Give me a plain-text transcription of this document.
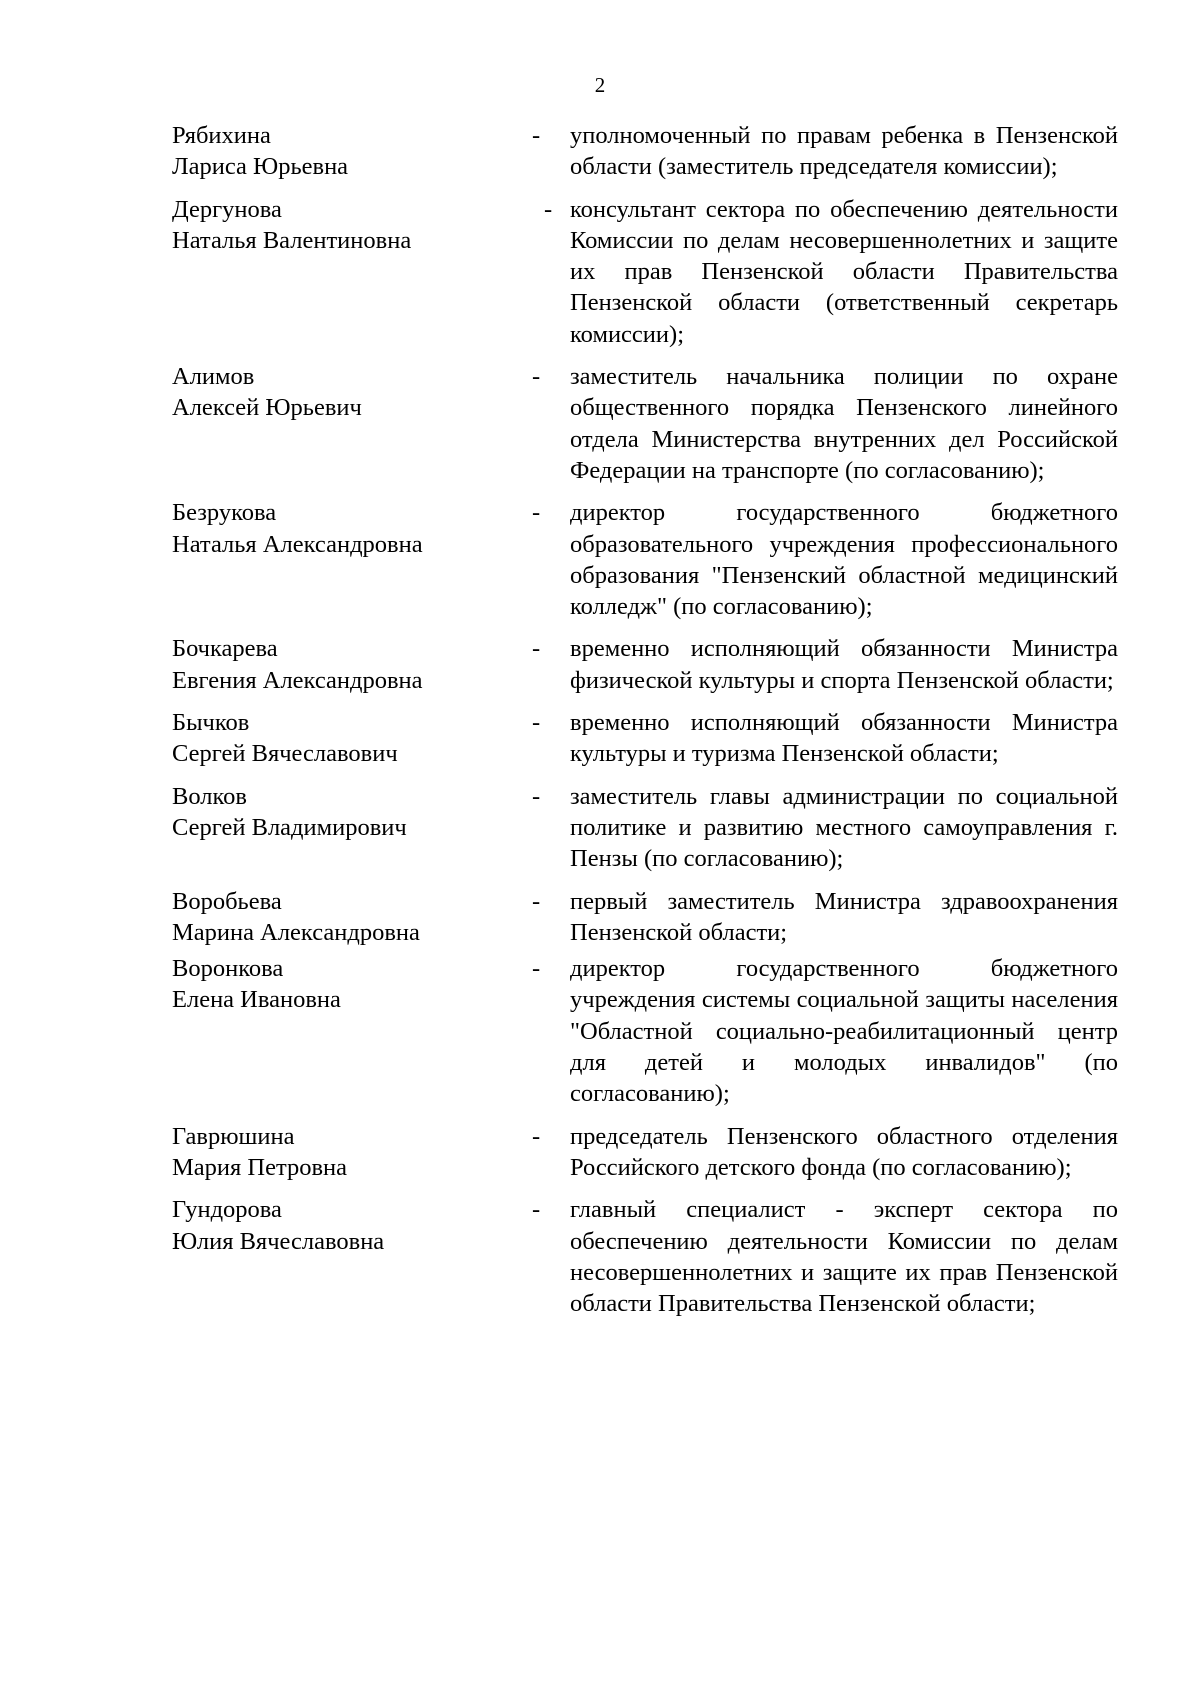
2
Рябихина
Лариса Юрьевна
-	уполномоченный по правам ребенка в Пензенской области (заместитель председателя комиссии);
Дергунова
Наталья Валентиновна
- консультант сектора по обеспечению деятельности Комиссии по делам несовершеннолетних и защите их прав Пензенской области Правительства Пензенской области (ответственный секретарь комиссии);
Алимов
Алексей Юрьевич
-	заместитель начальника полиции по охране общественного порядка Пензенского линейного отдела Министерства внутренних дел Российской Федерации на транспорте (по согласованию);
Безрукова
Наталья Александровна
-	директор государственного бюджетного образовательного учреждения профессионального образования "Пензенский областной медицинский колледж" (по согласованию);
Бочкарева
Евгения Александровна
-	временно исполняющий обязанности Министра физической культуры и спорта Пензенской области;
Бычков
Сергей Вячеславович
-	временно исполняющий обязанности Министра культуры и туризма Пензенской области;
Волков
Сергей Владимирович
-	заместитель главы администрации по социальной политике и развитию местного самоуправления г. Пензы (по согласованию);
Воробьева
Марина Александровна
-	первый заместитель Министра здравоохранения Пензенской области;
Воронкова
Елена Ивановна
-	директор государственного бюджетного учреждения системы социальной защиты населения "Областной социально-реабилитационный центр для детей и молодых инвалидов" (по согласованию);
Гаврюшина
Мария Петровна
-	председатель Пензенского областного отделения Российского детского фонда (по согласованию);
Гундорова
Юлия Вячеславовна
-	главный специалист - эксперт сектора по обеспечению деятельности Комиссии по делам несовершеннолетних и защите их прав Пензенской области Правительства Пензенской области;
